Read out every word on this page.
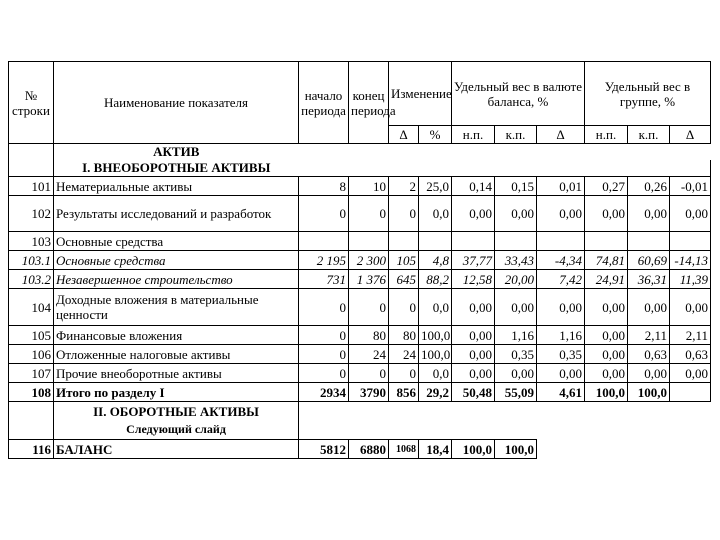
№ строки	Наименование показателя	начало периода	конец периода	Изменение		Удельный вес в валюте баланса, %			Удельный вес в группе, %		
				Δ	%	н.п.	к.п.	Δ	н.п.	к.п.	Δ
	АКТИВ										
	I. ВНЕОБОРОТНЫЕ АКТИВЫ										
101	Нематериальные активы	8	10	2	25,0	0,14	0,15	0,01	0,27	0,26	-0,01
102	Результаты исследований и разработок	0	0	0	0,0	0,00	0,00	0,00	0,00	0,00	0,00
103	Основные средства										
103.1	Основные средства	2 195	2 300	105	4,8	37,77	33,43	-4,34	74,81	60,69	-14,13
103.2	Незавершенное строительство	731	1 376	645	88,2	12,58	20,00	7,42	24,91	36,31	11,39
104	Доходные вложения в материальные ценности	0	0	0	0,0	0,00	0,00	0,00	0,00	0,00	0,00
105	Финансовые вложения	0	80	80	100,0	0,00	1,16	1,16	0,00	2,11	2,11
106	Отложенные налоговые активы	0	24	24	100,0	0,00	0,35	0,35	0,00	0,63	0,63
107	Прочие внеоборотные активы	0	0	0	0,0	0,00	0,00	0,00	0,00	0,00	0,00
108	Итого по разделу I	2934	3790	856	29,2	50,48	55,09	4,61	100,0	100,0	
	II. ОБОРОТНЫЕ АКТИВЫ										
	Следующий слайд										
116	БАЛАНС	5812	6880	1068	18,4	100,0	100,0				
